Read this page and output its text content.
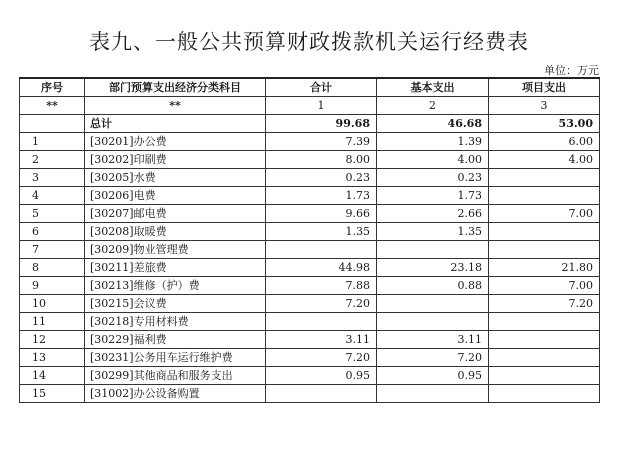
表九、一般公共预算财政拨款机关运行经费表
单位：万元
序号	部门预算支出经济分类科目	合计	基本支出	项目支出
**	**	1	2	3
	总计	99.68	46.68	53.00
1	[30201]办公费	7.39	1.39	6.00
2	[30202]印刷费	8.00	4.00	4.00
3	[30205]水费	0.23	0.23	
4	[30206]电费	1.73	1.73	
5	[30207]邮电费	9.66	2.66	7.00
6	[30208]取暖费	1.35	1.35	
7	[30209]物业管理费			
8	[30211]差旅费	44.98	23.18	21.80
9	[30213]维修（护）费	7.88	0.88	7.00
10	[30215]会议费	7.20		7.20
11	[30218]专用材料费			
12	[30229]福利费	3.11	3.11	
13	[30231]公务用车运行维护费	7.20	7.20	
14	[30299]其他商品和服务支出	0.95	0.95	
15	[31002]办公设备购置			
